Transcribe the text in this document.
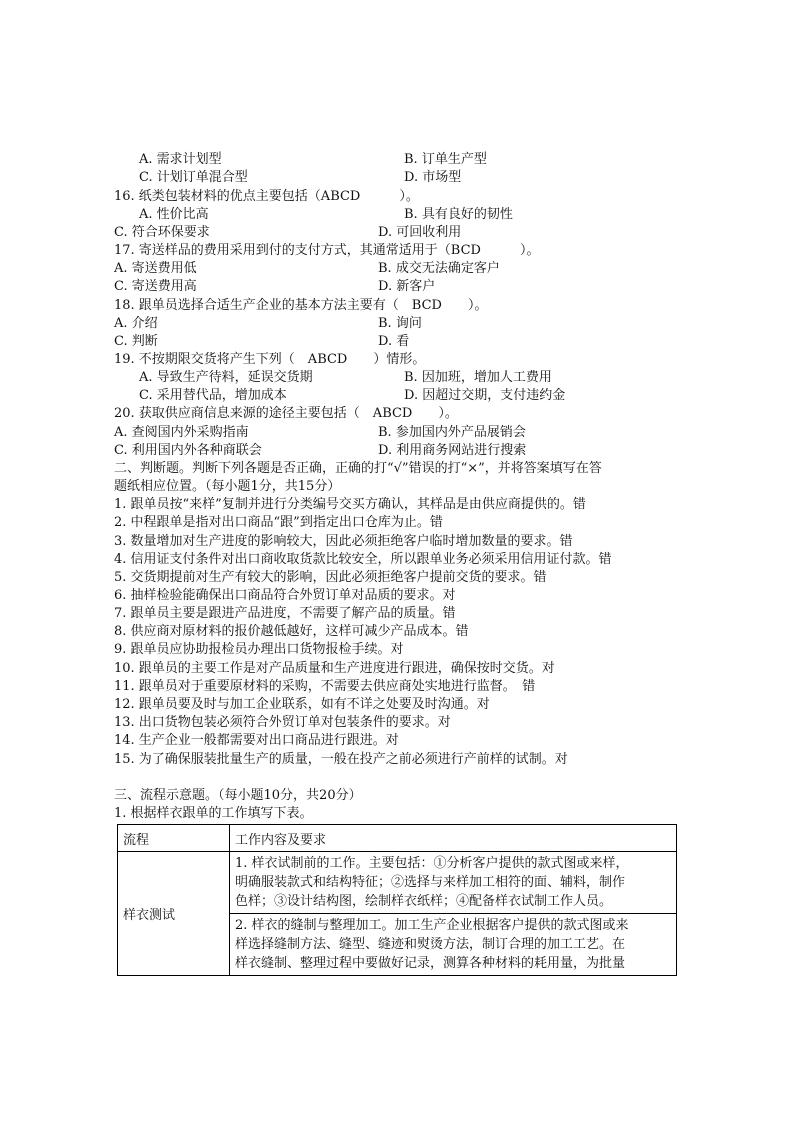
A. 需求计划型	B. 订单生产型
C. 计划订单混合型	D. 市场型
16. 纸类包装材料的优点主要包括（ABCD　　　）。
A. 性价比高	B. 具有良好的韧性
C. 符合环保要求	D. 可回收利用
17. 寄送样品的费用采用到付的支付方式，其通常适用于（BCD　　　）。
A. 寄送费用低	B. 成交无法确定客户
C. 寄送费用高	D. 新客户
18. 跟单员选择合适生产企业的基本方法主要有（　BCD　　）。
A. 介绍	B. 询问
C. 判断	D. 看
19. 不按期限交货将产生下列（　ABCD　　）情形。
A. 导致生产待料，延误交货期	B. 因加班，增加人工费用
C. 采用替代品，增加成本	D. 因超过交期，支付违约金
20. 获取供应商信息来源的途径主要包括（　ABCD　　）。
A. 查阅国内外采购指南	B. 参加国内外产品展销会
C. 利用国内外各种商联会	D. 利用商务网站进行搜索
二、判断题。判断下列各题是否正确，正确的打“√”错误的打“×”，并将答案填写在答
题纸相应位置。（每小题1分，共15分）
1. 跟单员按“来样”复制并进行分类编号交买方确认，其样品是由供应商提供的。错
2. 中程跟单是指对出口商品“跟”到指定出口仓库为止。错
3. 数量增加对生产进度的影响较大，因此必须拒绝客户临时增加数量的要求。错
4. 信用证支付条件对出口商收取货款比较安全，所以跟单业务必须采用信用证付款。错
5. 交货期提前对生产有较大的影响，因此必须拒绝客户提前交货的要求。错
6. 抽样检验能确保出口商品符合外贸订单对品质的要求。对
7. 跟单员主要是跟进产品进度，不需要了解产品的质量。错
8. 供应商对原材料的报价越低越好，这样可减少产品成本。错
9. 跟单员应协助报检员办理出口货物报检手续。对
10. 跟单员的主要工作是对产品质量和生产进度进行跟进，确保按时交货。对
11. 跟单员对于重要原材料的采购，不需要去供应商处实地进行监督。　错
12. 跟单员要及时与加工企业联系，如有不详之处要及时沟通。对
13. 出口货物包装必须符合外贸订单对包装条件的要求。对
14. 生产企业一般都需要对出口商品进行跟进。对
15. 为了确保服装批量生产的质量，一般在投产之前必须进行产前样的试制。对
三、流程示意题。（每小题10分，共20分）
1. 根据样衣跟单的工作填写下表。
流程	工作内容及要求
样衣测试	1. 样衣试制前的工作。主要包括：①分析客户提供的款式图或来样，
明确服装款式和结构特征；②选择与来样加工相符的面、辅料，制作
色样；③设计结构图，绘制样衣纸样；④配备样衣试制工作人员。

	2. 样衣的缝制与整理加工。加工生产企业根据客户提供的款式图或来
样选择缝制方法、缝型、缝迹和熨烫方法，制订合理的加工工艺。在
样衣缝制、整理过程中要做好记录，测算各种材料的耗用量，为批量
